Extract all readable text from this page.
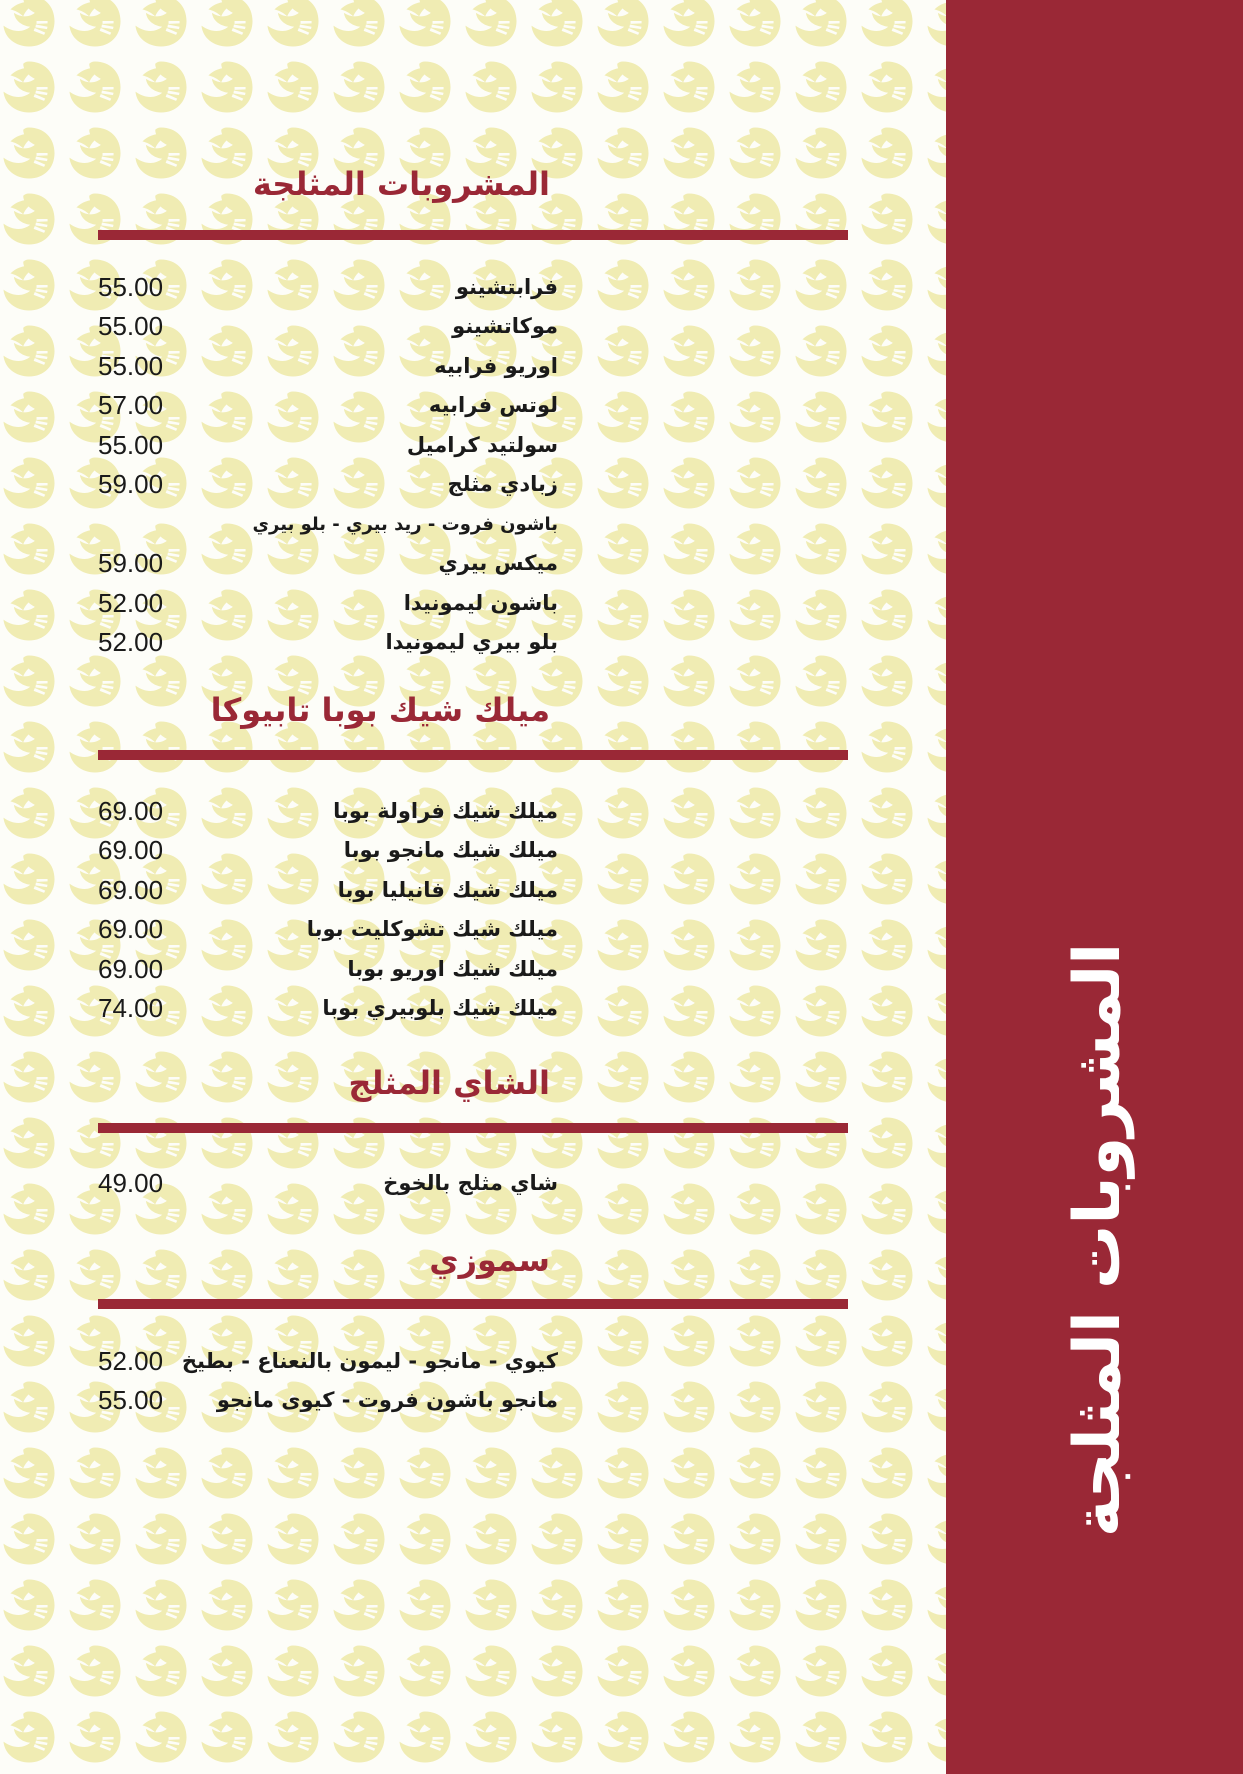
المشروبات المثلجة
المشروبات المثلجة
فرابتشينو
55.00
موكاتشينو
55.00
اوريو فرابيه
55.00
لوتس فرابيه
57.00
سولتيد كراميل
55.00
زبادي مثلج
59.00
باشون فروت - ريد بيري - بلو بيري
ميكس بيري
59.00
باشون ليمونيدا
52.00
بلو بيري ليمونيدا
52.00
ميلك شيك بوبا تابيوكا
ميلك شيك فراولة بوبا
69.00
ميلك شيك مانجو بوبا
69.00
ميلك شيك فانيليا بوبا
69.00
ميلك شيك تشوكليت بوبا
69.00
ميلك شيك اوريو بوبا
69.00
ميلك شيك بلوبيري بوبا
74.00
الشاي المثلج
شاي مثلج بالخوخ
49.00
سموزي
كيوي - مانجو - ليمون بالنعناع - بطيخ
52.00
مانجو باشون فروت - كيوى مانجو
55.00
